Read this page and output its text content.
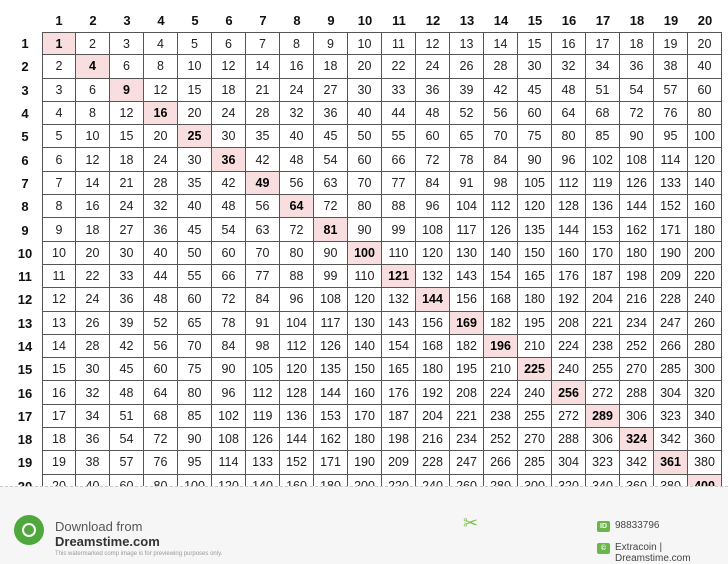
1	2	3	4	5	6	7	8	9	10	11	12	13	14	15	16	17	18	19	20
1	1	2	3	4	5	6	7	8	9	10	11	12	13	14	15	16	17	18	19	20
2	2	4	6	8	10	12	14	16	18	20	22	24	26	28	30	32	34	36	38	40
3	3	6	9	12	15	18	21	24	27	30	33	36	39	42	45	48	51	54	57	60
4	4	8	12	16	20	24	28	32	36	40	44	48	52	56	60	64	68	72	76	80
5	5	10	15	20	25	30	35	40	45	50	55	60	65	70	75	80	85	90	95	100
6	6	12	18	24	30	36	42	48	54	60	66	72	78	84	90	96	102	108	114	120
7	7	14	21	28	35	42	49	56	63	70	77	84	91	98	105	112	119	126	133	140
8	8	16	24	32	40	48	56	64	72	80	88	96	104	112	120	128	136	144	152	160
9	9	18	27	36	45	54	63	72	81	90	99	108	117	126	135	144	153	162	171	180
10	10	20	30	40	50	60	70	80	90	100	110	120	130	140	150	160	170	180	190	200
11	11	22	33	44	55	66	77	88	99	110	121	132	143	154	165	176	187	198	209	220
12	12	24	36	48	60	72	84	96	108	120	132	144	156	168	180	192	204	216	228	240
13	13	26	39	52	65	78	91	104	117	130	143	156	169	182	195	208	221	234	247	260
14	14	28	42	56	70	84	98	112	126	140	154	168	182	196	210	224	238	252	266	280
15	15	30	45	60	75	90	105	120	135	150	165	180	195	210	225	240	255	270	285	300
16	16	32	48	64	80	96	112	128	144	160	176	192	208	224	240	256	272	288	304	320
17	17	34	51	68	85	102	119	136	153	170	187	204	221	238	255	272	289	306	323	340
18	18	36	54	72	90	108	126	144	162	180	198	216	234	252	270	288	306	324	342	360
19	19	38	57	76	95	114	133	152	171	190	209	228	247	266	285	304	323	342	361	380
Download from
Dreamstime.com
This watermarked comp image is for previewing purposes only.
✂	ID 98833796
© Extracoin | Dreamstime.com
